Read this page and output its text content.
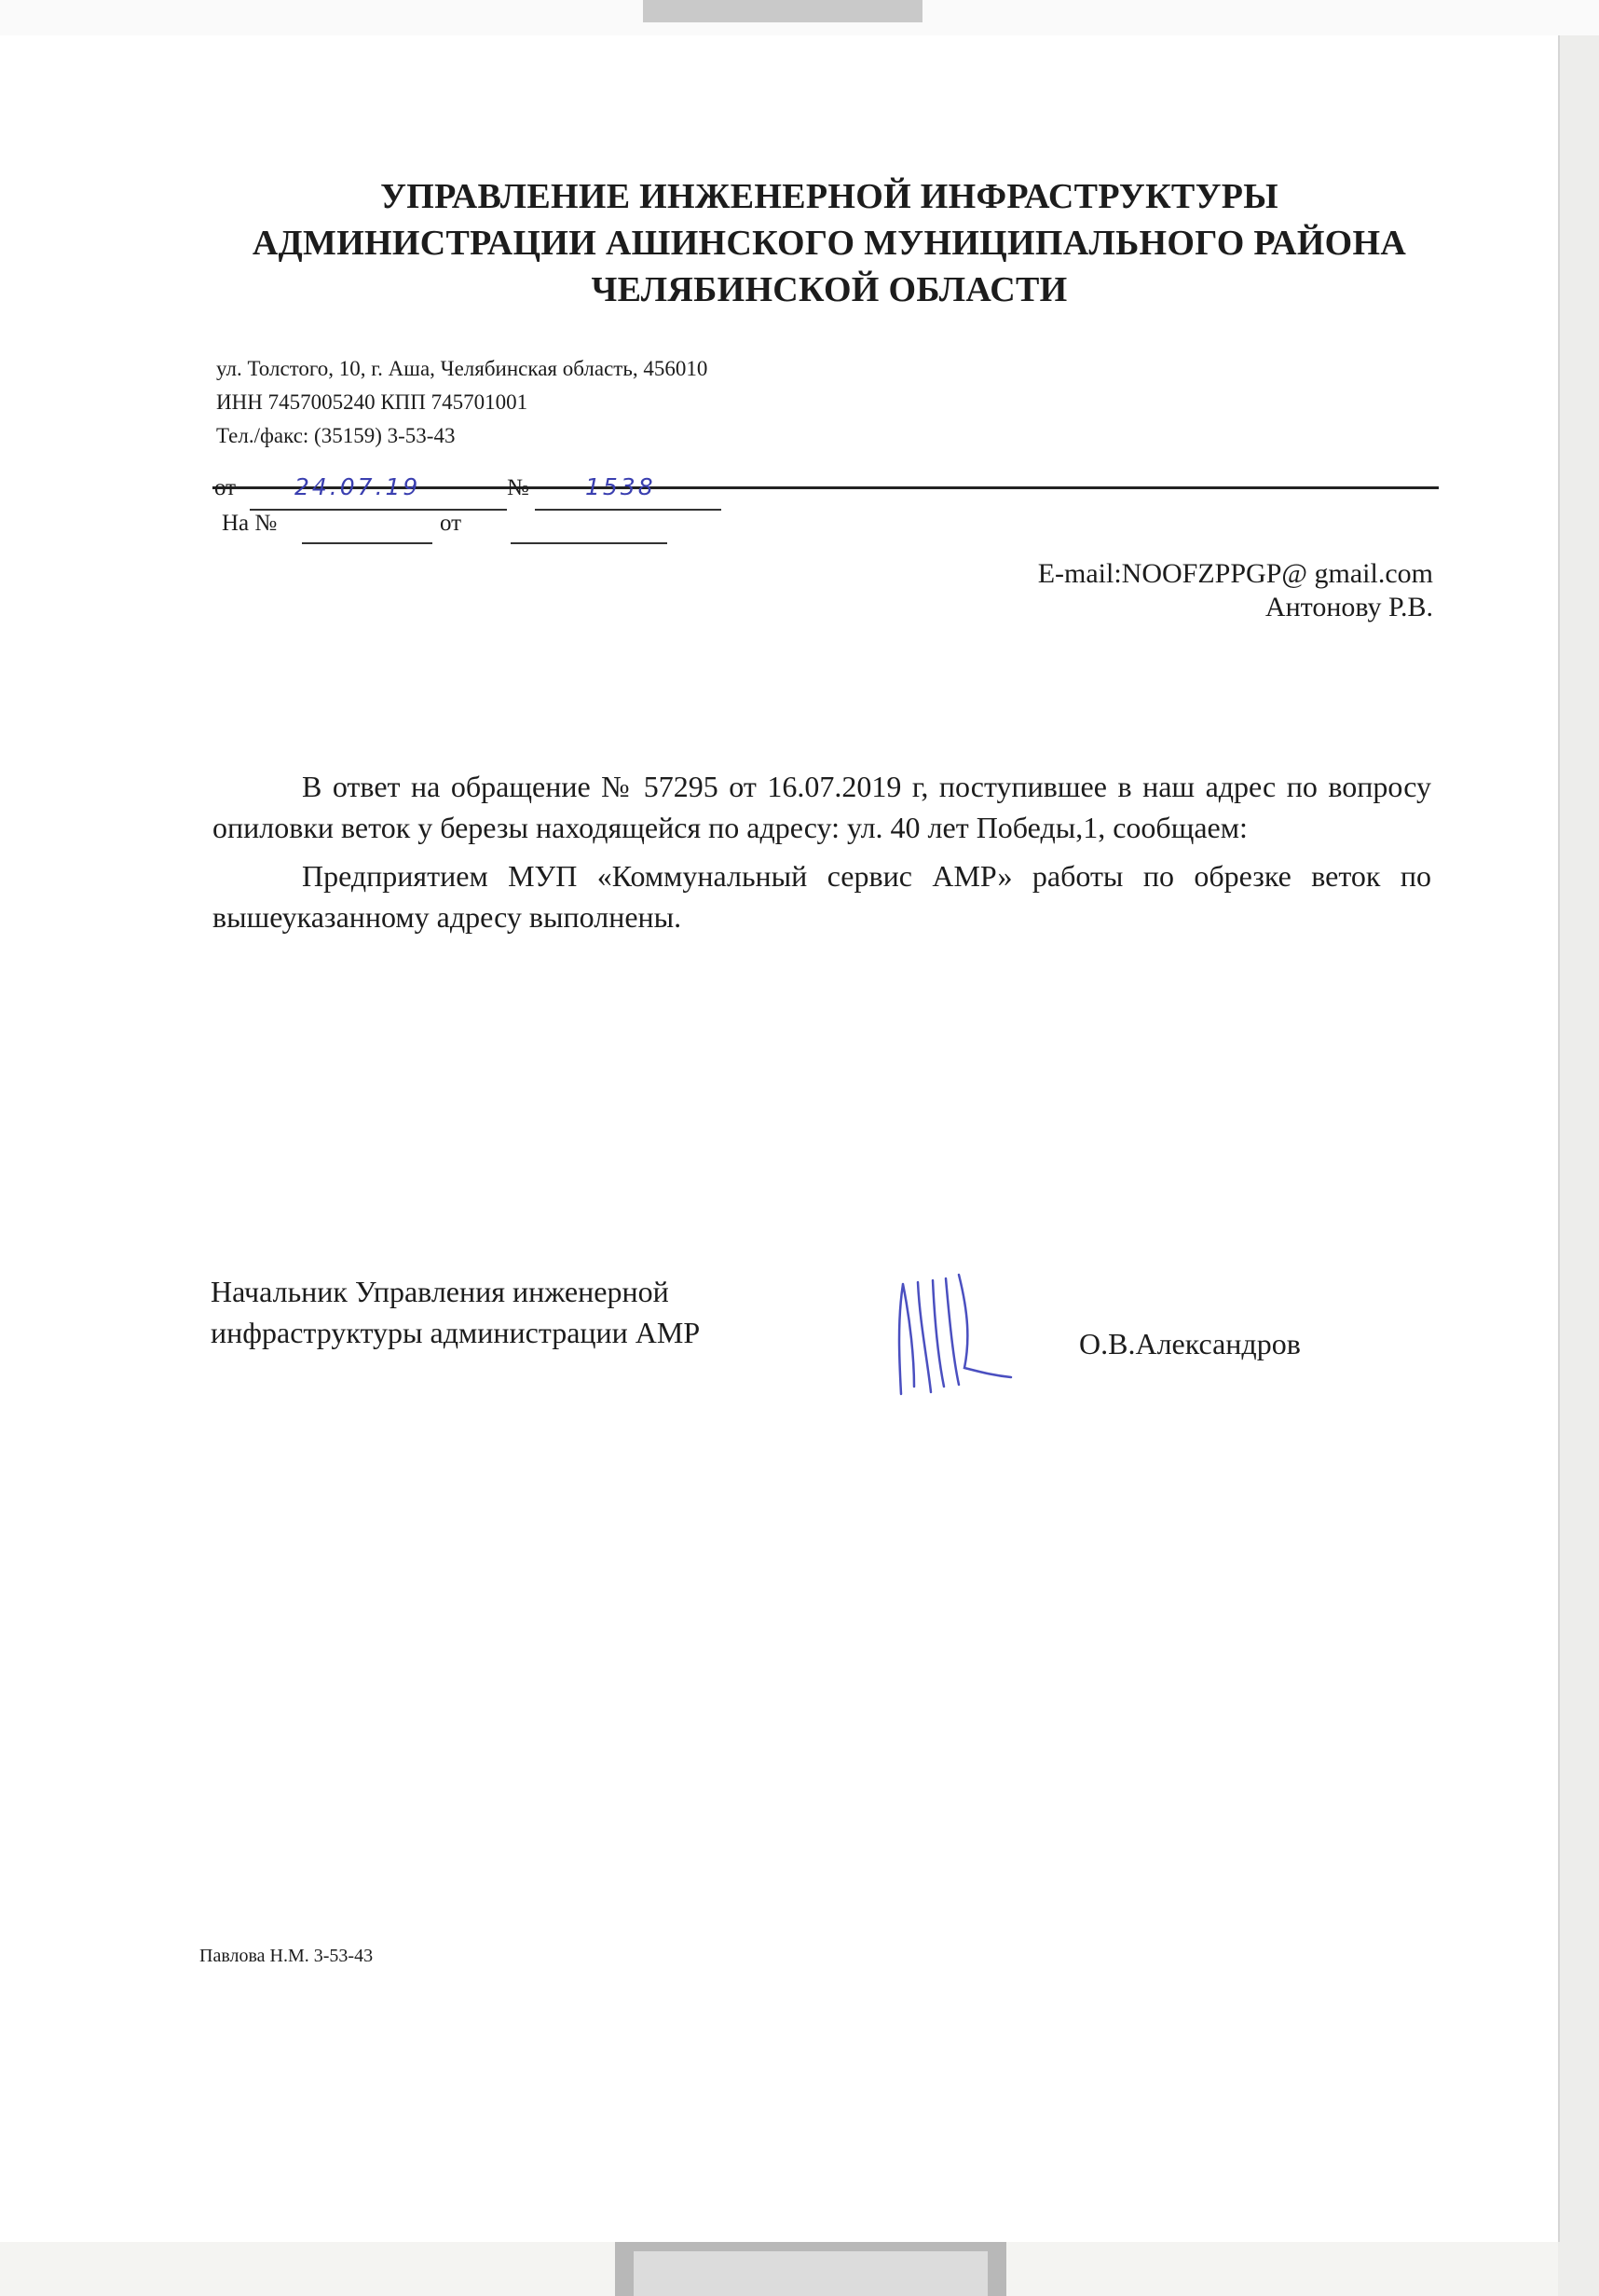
УПРАВЛЕНИЕ ИНЖЕНЕРНОЙ ИНФРАСТРУКТУРЫ
АДМИНИСТРАЦИИ АШИНСКОГО МУНИЦИПАЛЬНОГО РАЙОНА
ЧЕЛЯБИНСКОЙ ОБЛАСТИ
ул. Толстого, 10, г. Аша, Челябинская область, 456010
ИНН 7457005240 КПП 745701001
Тел./факс: (35159) 3-53-43
от	24.07.19	№ 1538
На №	от
E-mail:NOOFZPPGP@ gmail.com
Антонову Р.В.

В ответ на обращение № 57295 от 16.07.2019 г, поступившее в наш адрес по вопросу опиловки веток у березы находящейся по адресу: ул. 40 лет Победы,1, сообщаем:

Предприятием МУП «Коммунальный сервис АМР» работы по обрезке веток по вышеуказанному адресу выполнены.

Начальник Управления инженерной
инфраструктуры администрации АМР	О.В.Александров
Павлова Н.М. 3-53-43
